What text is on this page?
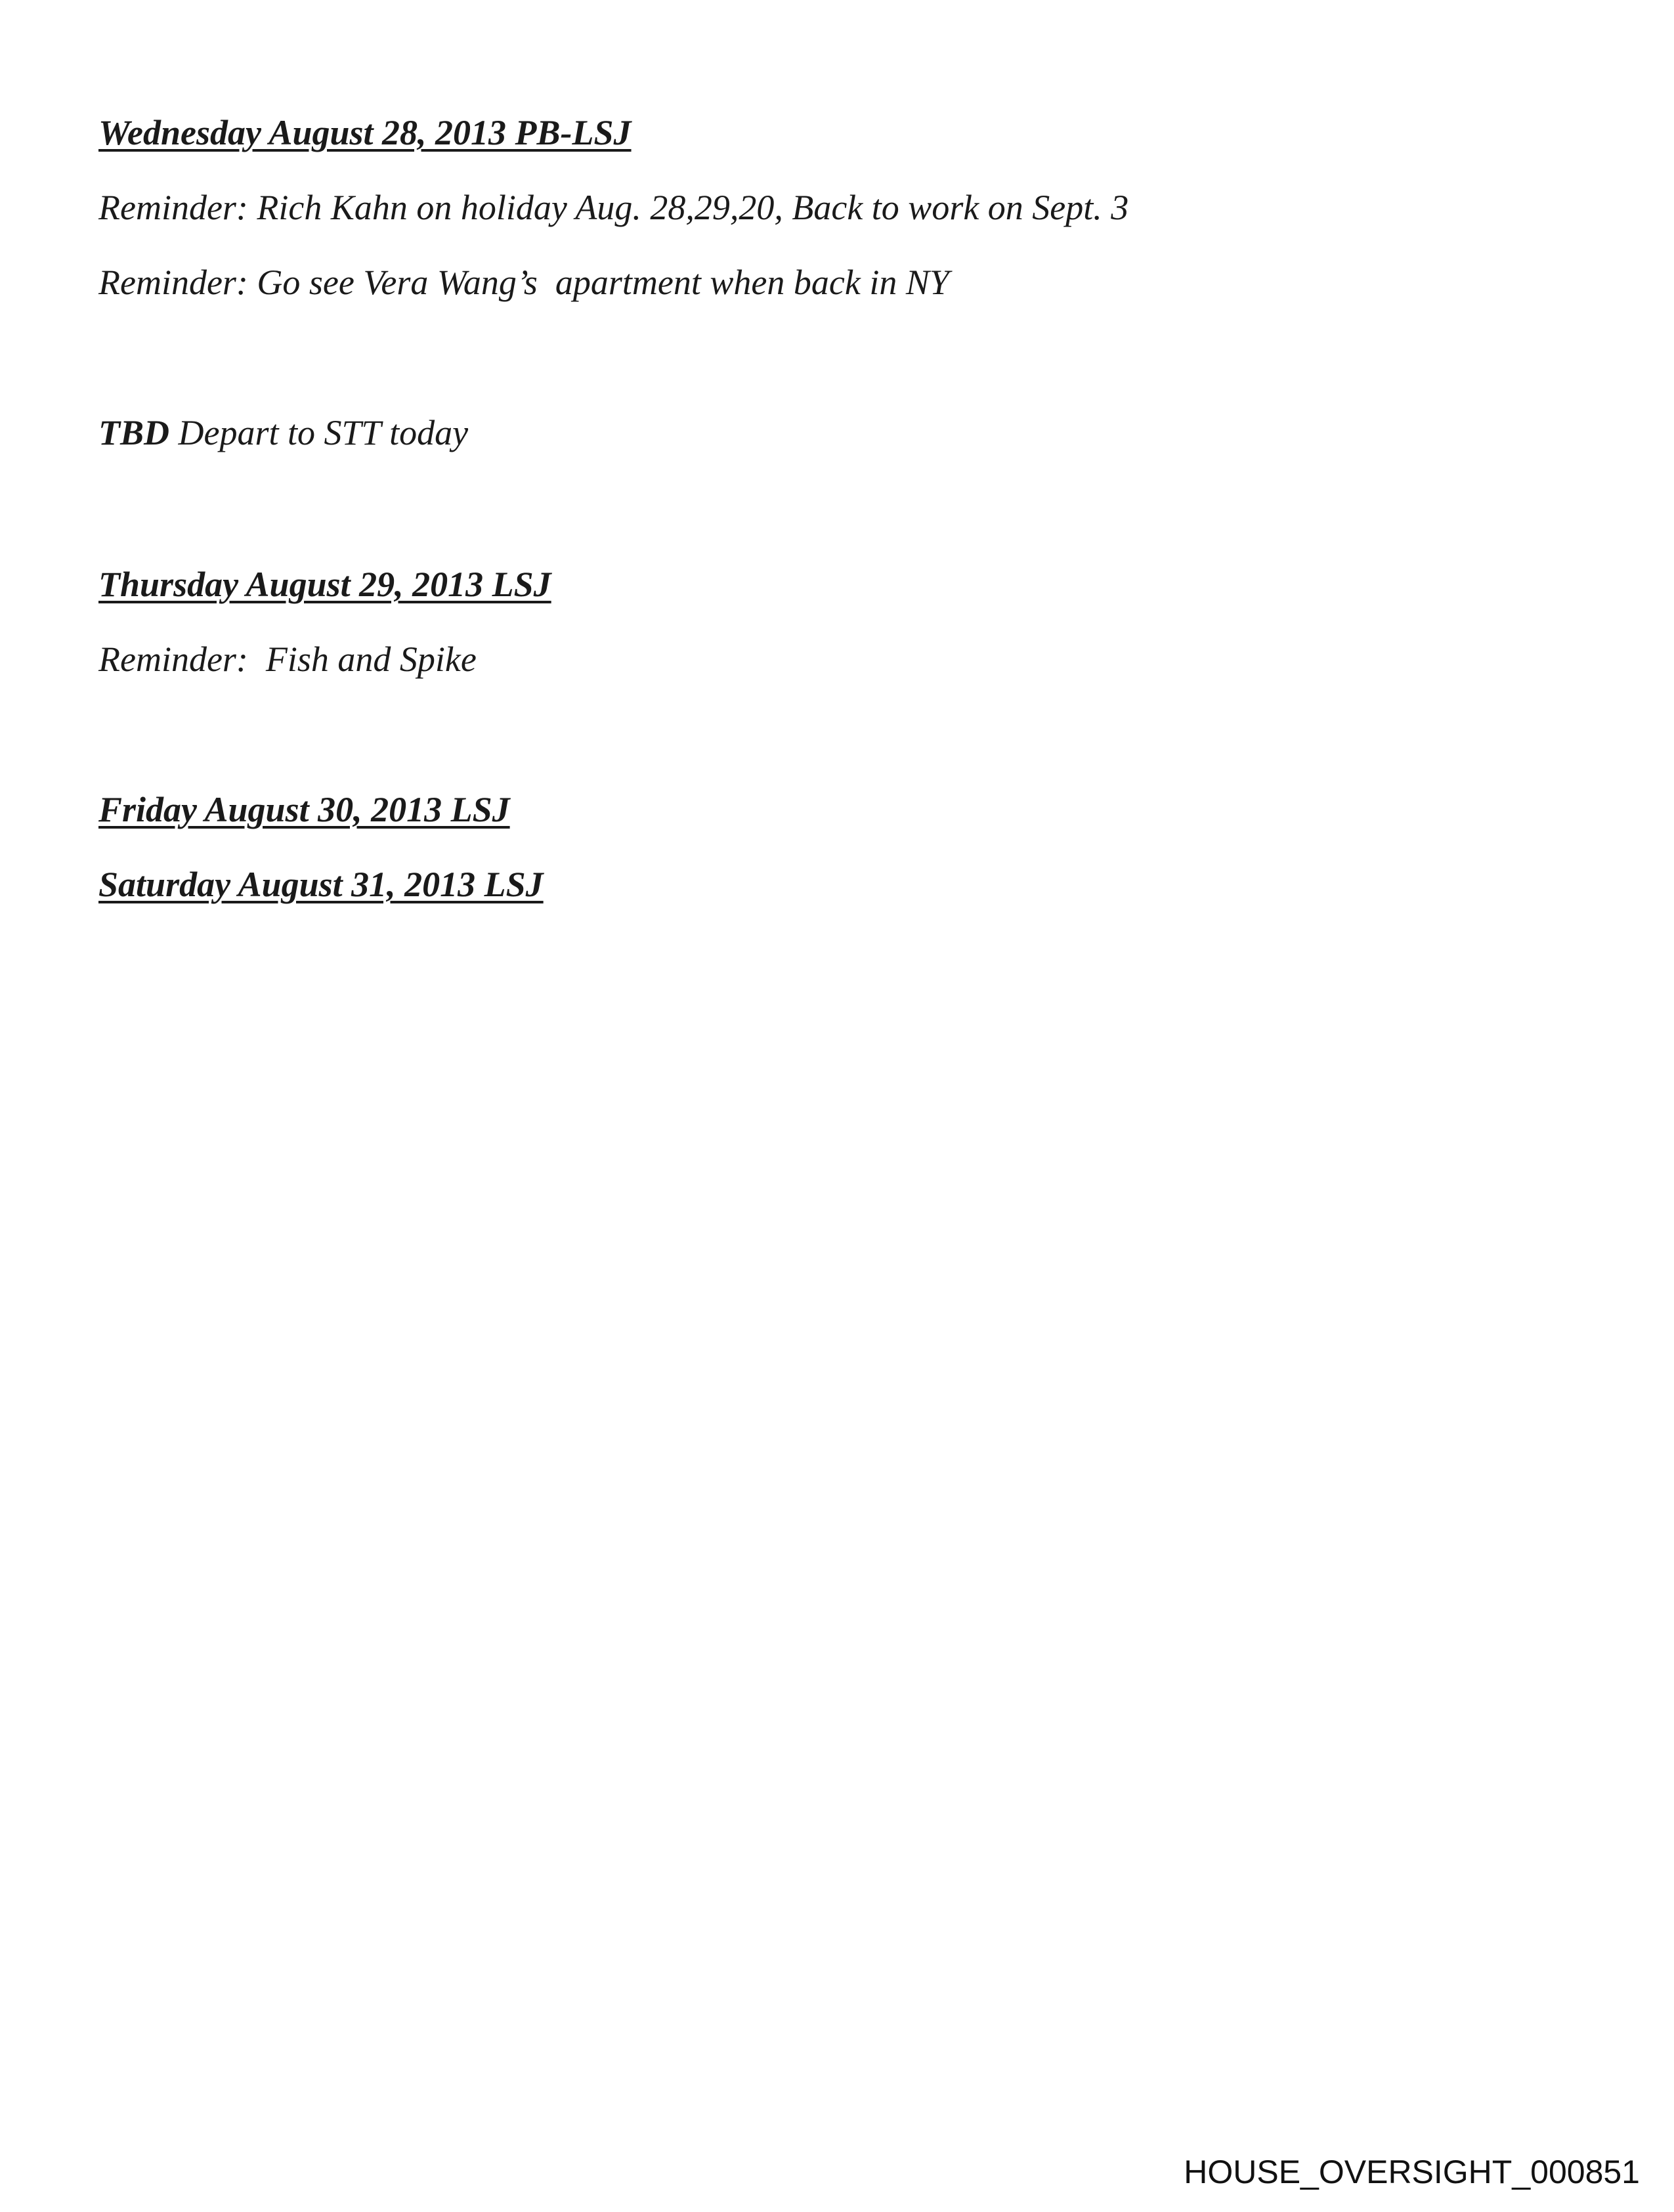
Wednesday August 28, 2013 PB-LSJ
Reminder: Rich Kahn on holiday Aug. 28,29,20, Back to work on Sept. 3
Reminder: Go see Vera Wang’s  apartment when back in NY
TBD Depart to STT today
Thursday August 29, 2013 LSJ
Reminder:  Fish and Spike
Friday August 30, 2013 LSJ
Saturday August 31, 2013 LSJ
HOUSE_OVERSIGHT_000851
